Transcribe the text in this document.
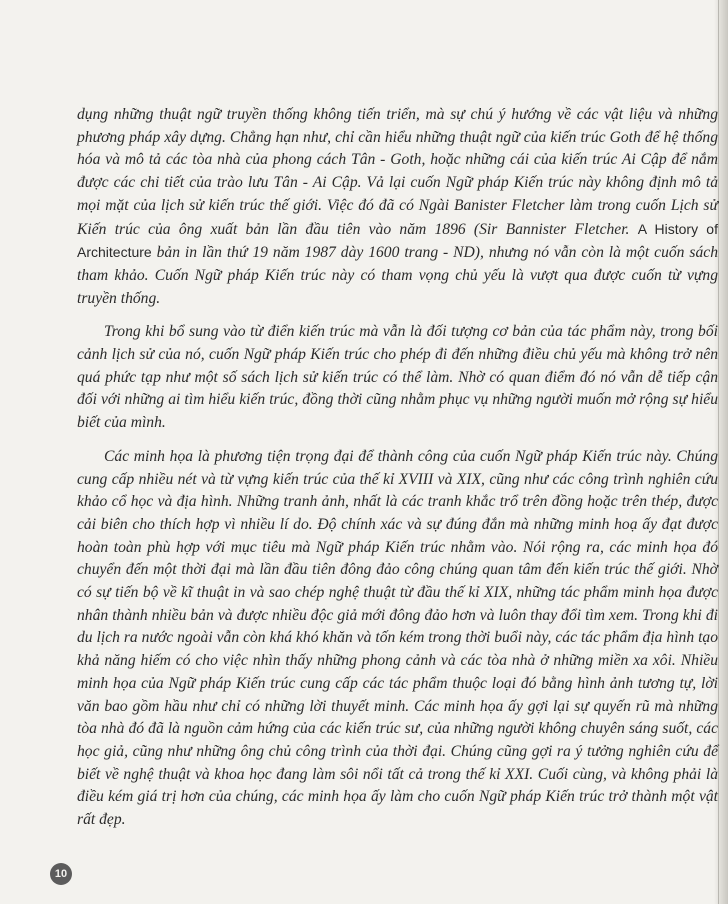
dụng những thuật ngữ truyền thống không tiến triển, mà sự chú ý hướng về các vật liệu và những phương pháp xây dựng. Chẳng hạn như, chỉ cần hiểu những thuật ngữ của kiến trúc Goth để hệ thống hóa và mô tả các tòa nhà của phong cách Tân - Goth, hoặc những cái của kiến trúc Ai Cập để nắm được các chi tiết của trào lưu Tân - Ai Cập. Vả lại cuốn Ngữ pháp Kiến trúc này không định mô tả mọi mặt của lịch sử kiến trúc thế giới. Việc đó đã có Ngài Banister Fletcher làm trong cuốn Lịch sử Kiến trúc của ông xuất bản lần đầu tiên vào năm 1896 (Sir Bannister Fletcher. A History of Architecture bản in lần thứ 19 năm 1987 dày 1600 trang - ND), nhưng nó vẫn còn là một cuốn sách tham khảo. Cuốn Ngữ pháp Kiến trúc này có tham vọng chủ yếu là vượt qua được cuốn từ vựng truyền thống.

Trong khi bổ sung vào từ điển kiến trúc mà vẫn là đối tượng cơ bản của tác phẩm này, trong bối cảnh lịch sử của nó, cuốn Ngữ pháp Kiến trúc cho phép đi đến những điều chủ yếu mà không trở nên quá phức tạp như một số sách lịch sử kiến trúc có thể làm. Nhờ có quan điểm đó nó vẫn dễ tiếp cận đối với những ai tìm hiểu kiến trúc, đồng thời cũng nhằm phục vụ những người muốn mở rộng sự hiểu biết của mình.

Các minh họa là phương tiện trọng đại để thành công của cuốn Ngữ pháp Kiến trúc này. Chúng cung cấp nhiều nét và từ vựng kiến trúc của thế kỉ XVIII và XIX, cũng như các công trình nghiên cứu khảo cổ học và địa hình. Những tranh ảnh, nhất là các tranh khắc trổ trên đồng hoặc trên thép, được cải biên cho thích hợp vì nhiều lí do. Độ chính xác và sự đúng đắn mà những minh hoạ ấy đạt được hoàn toàn phù hợp với mục tiêu mà Ngữ pháp Kiến trúc nhằm vào. Nói rộng ra, các minh họa đó chuyển đến một thời đại mà lần đầu tiên đông đảo công chúng quan tâm đến kiến trúc thế giới. Nhờ có sự tiến bộ về kĩ thuật in và sao chép nghệ thuật từ đầu thế kỉ XIX, những tác phẩm minh họa được nhân thành nhiều bản và được nhiều độc giả mới đông đảo hơn và luôn thay đổi tìm xem. Trong khi đi du lịch ra nước ngoài vẫn còn khá khó khăn và tốn kém trong thời buổi này, các tác phẩm địa hình tạo khả năng hiếm có cho việc nhìn thấy những phong cảnh và các tòa nhà ở những miền xa xôi. Nhiều minh họa của Ngữ pháp Kiến trúc cung cấp các tác phẩm thuộc loại đó bằng hình ảnh tương tự, lời văn bao gồm hầu như chỉ có những lời thuyết minh. Các minh họa ấy gợi lại sự quyến rũ mà những tòa nhà đó đã là nguồn cảm hứng của các kiến trúc sư, của những người không chuyên sáng suốt, các học giả, cũng như những ông chủ công trình của thời đại. Chúng cũng gợi ra ý tưởng nghiên cứu để biết về nghệ thuật và khoa học đang làm sôi nổi tất cả trong thế kỉ XXI. Cuối cùng, và không phải là điều kém giá trị hơn của chúng, các minh họa ấy làm cho cuốn Ngữ pháp Kiến trúc trở thành một vật rất đẹp.

10
